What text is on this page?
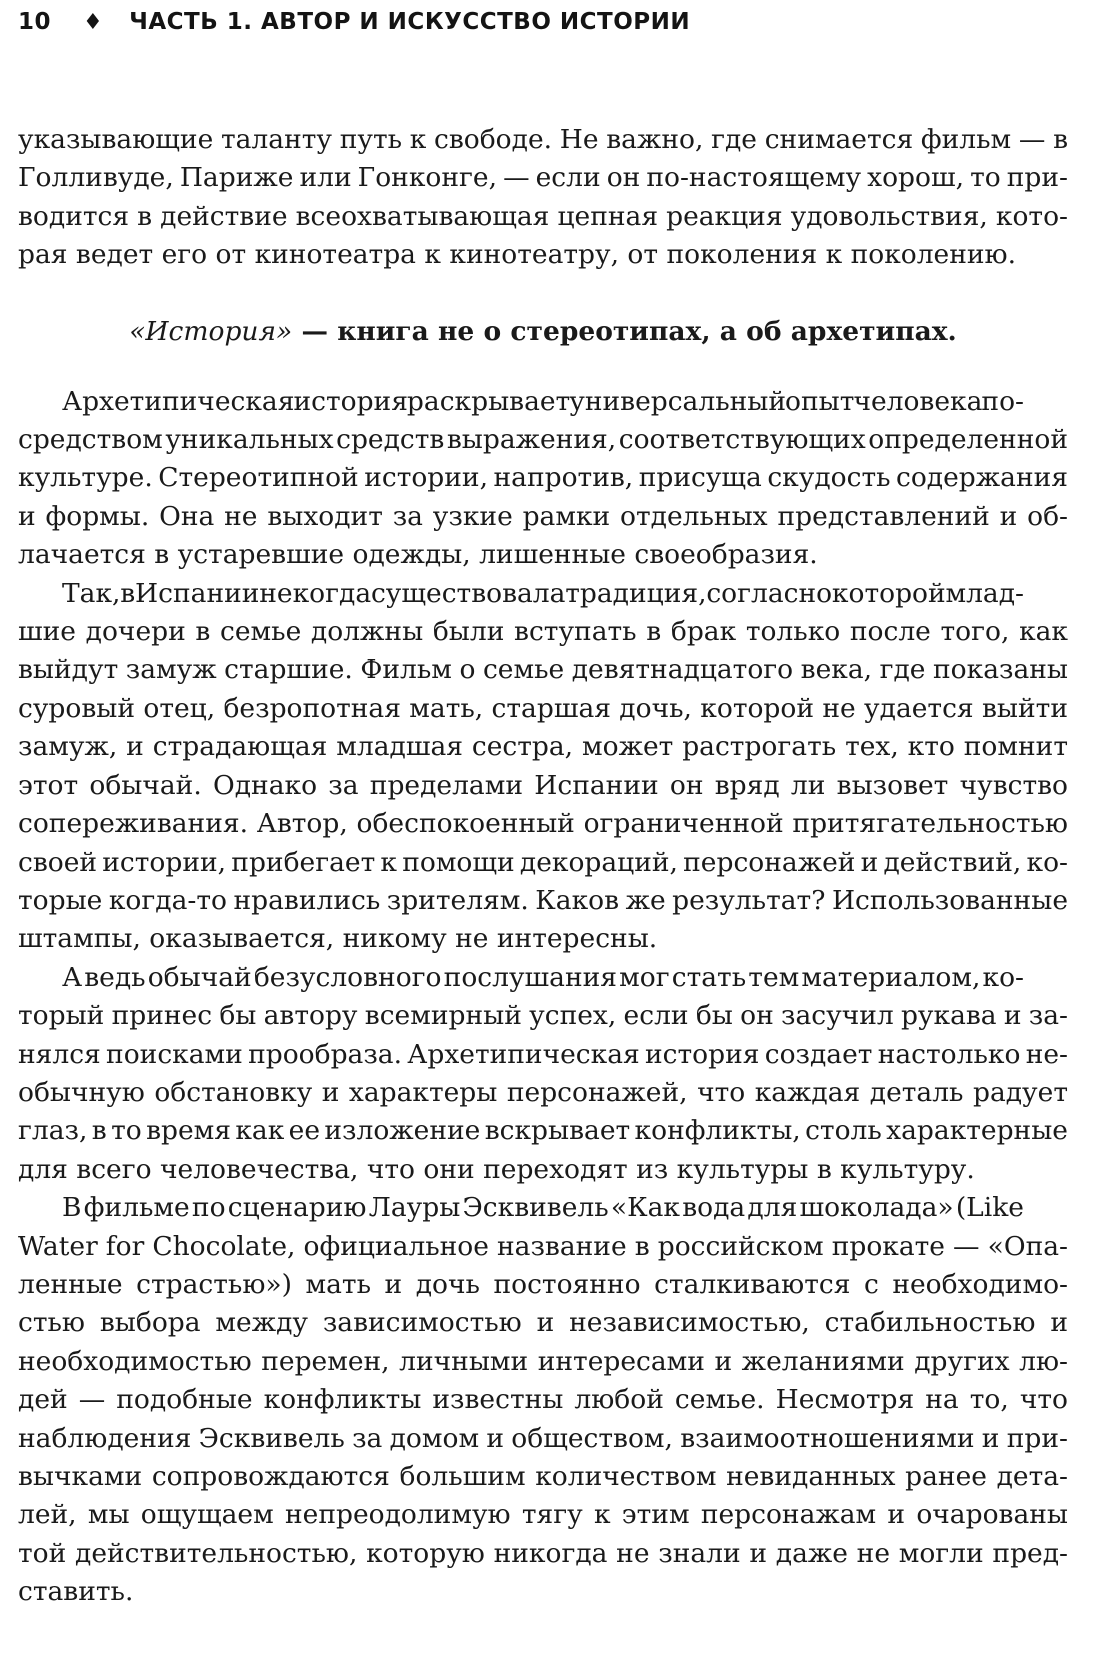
10 ♦ ЧАСТЬ 1. АВТОР И ИСКУССТВО ИСТОРИИ

указывающие таланту путь к свободе. Не важно, где снимается фильм — в
Голливуде, Париже или Гонконге, — если он по-настоящему хорош, то при-
водится в действие всеохватывающая цепная реакция удовольствия, кото-
рая ведет его от кинотеатра к кинотеатру, от поколения к поколению.

«История» — книга не о стереотипах, а об архетипах.

Архетипическая история раскрывает универсальный опыт человека по-
средством уникальных средств выражения, соответствующих определенной
культуре. Стереотипной истории, напротив, присуща скудость содержания
и формы. Она не выходит за узкие рамки отдельных представлений и об-
лачается в устаревшие одежды, лишенные своеобразия.

Так, в Испании некогда существовала традиция, согласно которой млад-
шие дочери в семье должны были вступать в брак только после того, как
выйдут замуж старшие. Фильм о семье девятнадцатого века, где показаны
суровый отец, безропотная мать, старшая дочь, которой не удается выйти
замуж, и страдающая младшая сестра, может растрогать тех, кто помнит
этот обычай. Однако за пределами Испании он вряд ли вызовет чувство
сопереживания. Автор, обеспокоенный ограниченной притягательностью
своей истории, прибегает к помощи декораций, персонажей и действий, ко-
торые когда-то нравились зрителям. Каков же результат? Использованные
штампы, оказывается, никому не интересны.

А ведь обычай безусловного послушания мог стать тем материалом, ко-
торый принес бы автору всемирный успех, если бы он засучил рукава и за-
нялся поисками прообраза. Архетипическая история создает настолько не-
обычную обстановку и характеры персонажей, что каждая деталь радует
глаз, в то время как ее изложение вскрывает конфликты, столь характерные
для всего человечества, что они переходят из культуры в культуру.

В фильме по сценарию Лауры Эсквивель «Как вода для шоколада» (Like
Water for Chocolate, официальное название в российском прокате — «Опа-
ленные страстью») мать и дочь постоянно сталкиваются с необходимо-
стью выбора между зависимостью и независимостью, стабильностью и
необходимостью перемен, личными интересами и желаниями других лю-
дей — подобные конфликты известны любой семье. Несмотря на то, что
наблюдения Эсквивель за домом и обществом, взаимоотношениями и при-
вычками сопровождаются большим количеством невиданных ранее дета-
лей, мы ощущаем непреодолимую тягу к этим персонажам и очарованы
той действительностью, которую никогда не знали и даже не могли пред-
ставить.
